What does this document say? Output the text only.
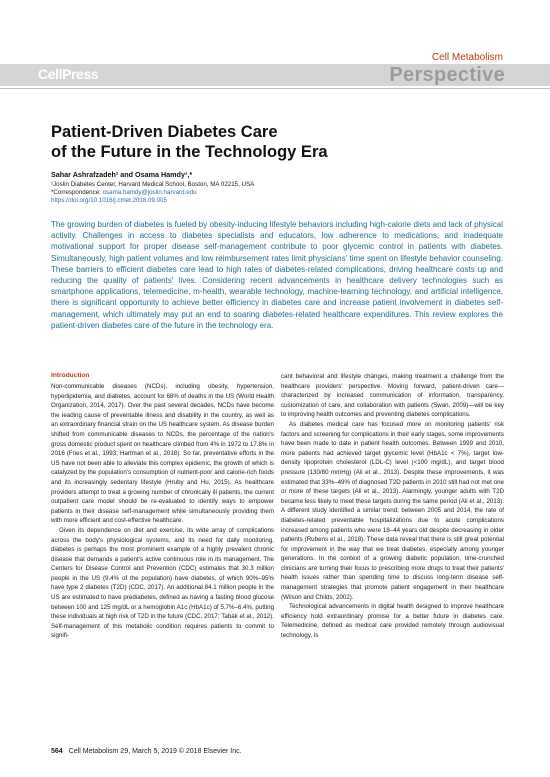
CellPress
Cell Metabolism
Perspective
Patient-Driven Diabetes Care
of the Future in the Technology Era
Sahar Ashrafzadeh¹ and Osama Hamdy¹,*
¹Joslin Diabetes Center, Harvard Medical School, Boston, MA 02215, USA
*Correspondence: osama.hamdy@joslin.harvard.edu
https://doi.org/10.1016/j.cmet.2018.09.005
The growing burden of diabetes is fueled by obesity-inducing lifestyle behaviors including high-calorie diets and lack of physical activity. Challenges in access to diabetes specialists and educators, low adherence to medications, and inadequate motivational support for proper disease self-management contribute to poor glycemic control in patients with diabetes. Simultaneously, high patient volumes and low reimbursement rates limit physicians' time spent on lifestyle behavior counseling. These barriers to efficient diabetes care lead to high rates of diabetes-related complications, driving healthcare costs up and reducing the quality of patients' lives. Considering recent advancements in healthcare delivery technologies such as smartphone applications, telemedicine, m-health, wearable technology, machine-learning technology, and artificial intelligence, there is significant opportunity to achieve better efficiency in diabetes care and increase patient involvement in diabetes self-management, which ultimately may put an end to soaring diabetes-related healthcare expenditures. This review explores the patient-driven diabetes care of the future in the technology era.
Introduction

Non-communicable diseases (NCDs), including obesity, hypertension, hyperlipidemia, and diabetes, account for 68% of deaths in the US (World Health Organization, 2014, 2017). Over the past several decades, NCDs have become the leading cause of preventable illness and disability in the country, as well as an extraordinary financial strain on the US healthcare system. As disease burden shifted from communicable diseases to NCDs, the percentage of the nation's gross domestic product spent on healthcare climbed from 4% in 1972 to 17.8% in 2016 (Fries et al., 1993; Hartman et al., 2018). So far, preventative efforts in the US have not been able to alleviate this complex epidemic, the growth of which is catalyzed by the population's consumption of nutrient-poor and calorie-rich foods and its increasingly sedentary lifestyle (Hruby and Hu, 2015). As healthcare providers attempt to treat a growing number of chronically ill patients, the current outpatient care model should be re-evaluated to identify ways to empower patients in their disease self-management while simultaneously providing them with more efficient and cost-effective healthcare.

Given its dependence on diet and exercise, its wide array of complications across the body's physiological systems, and its need for daily monitoring, diabetes is perhaps the most prominent example of a highly prevalent chronic disease that demands a patient's active continuous role in its management. The Centers for Disease Control and Prevention (CDC) estimates that 30.3 million people in the US (9.4% of the population) have diabetes, of which 90%–95% have type 2 diabetes (T2D) (CDC, 2017). An additional 84.1 million people in the US are estimated to have prediabetes, defined as having a fasting blood glucose between 100 and 125 mg/dL or a hemoglobin A1c (HbA1c) of 5.7%–6.4%, putting these individuals at high risk of T2D in the future (CDC, 2017; Tabák et al., 2012). Self-management of this metabolic condition requires patients to commit to signifi-

cant behavioral and lifestyle changes, making treatment a challenge from the healthcare providers' perspective. Moving forward, patient-driven care—characterized by increased communication of information, transparency, customization of care, and collaboration with patients (Swan, 2009)—will be key to improving health outcomes and preventing diabetes complications.

As diabetes medical care has focused more on monitoring patients' risk factors and screening for complications in their early stages, some improvements have been made to date in patient health outcomes. Between 1999 and 2010, more patients had achieved target glycemic level (HbA1c < 7%), target low-density lipoprotein cholesterol (LDL-C) level (<100 mg/dL), and target blood pressure (130/80 mmHg) (Ali et al., 2013). Despite these improvements, it was estimated that 33%–49% of diagnosed T2D patients in 2010 still had not met one or more of these targets (Ali et al., 2013). Alarmingly, younger adults with T2D became less likely to meet these targets during the same period (Ali et al., 2013). A different study identified a similar trend: between 2005 and 2014, the rate of diabetes-related preventable hospitalizations due to acute complications increased among patients who were 18–44 years old despite decreasing in older patients (Rubens et al., 2018). These data reveal that there is still great potential for improvement in the way that we treat diabetes, especially among younger generations. In the context of a growing diabetic population, time-crunched clinicians are turning their focus to prescribing more drugs to treat their patients' health issues rather than spending time to discuss long-term disease self-management strategies that promote patient engagement in their healthcare (Wilson and Childs, 2002).

Technological advancements in digital health designed to improve healthcare efficiency hold extraordinary promise for a better future in diabetes care. Telemedicine, defined as medical care provided remotely through audiovisual technology, is

564 Cell Metabolism 29, March 5, 2019 © 2018 Elsevier Inc.
